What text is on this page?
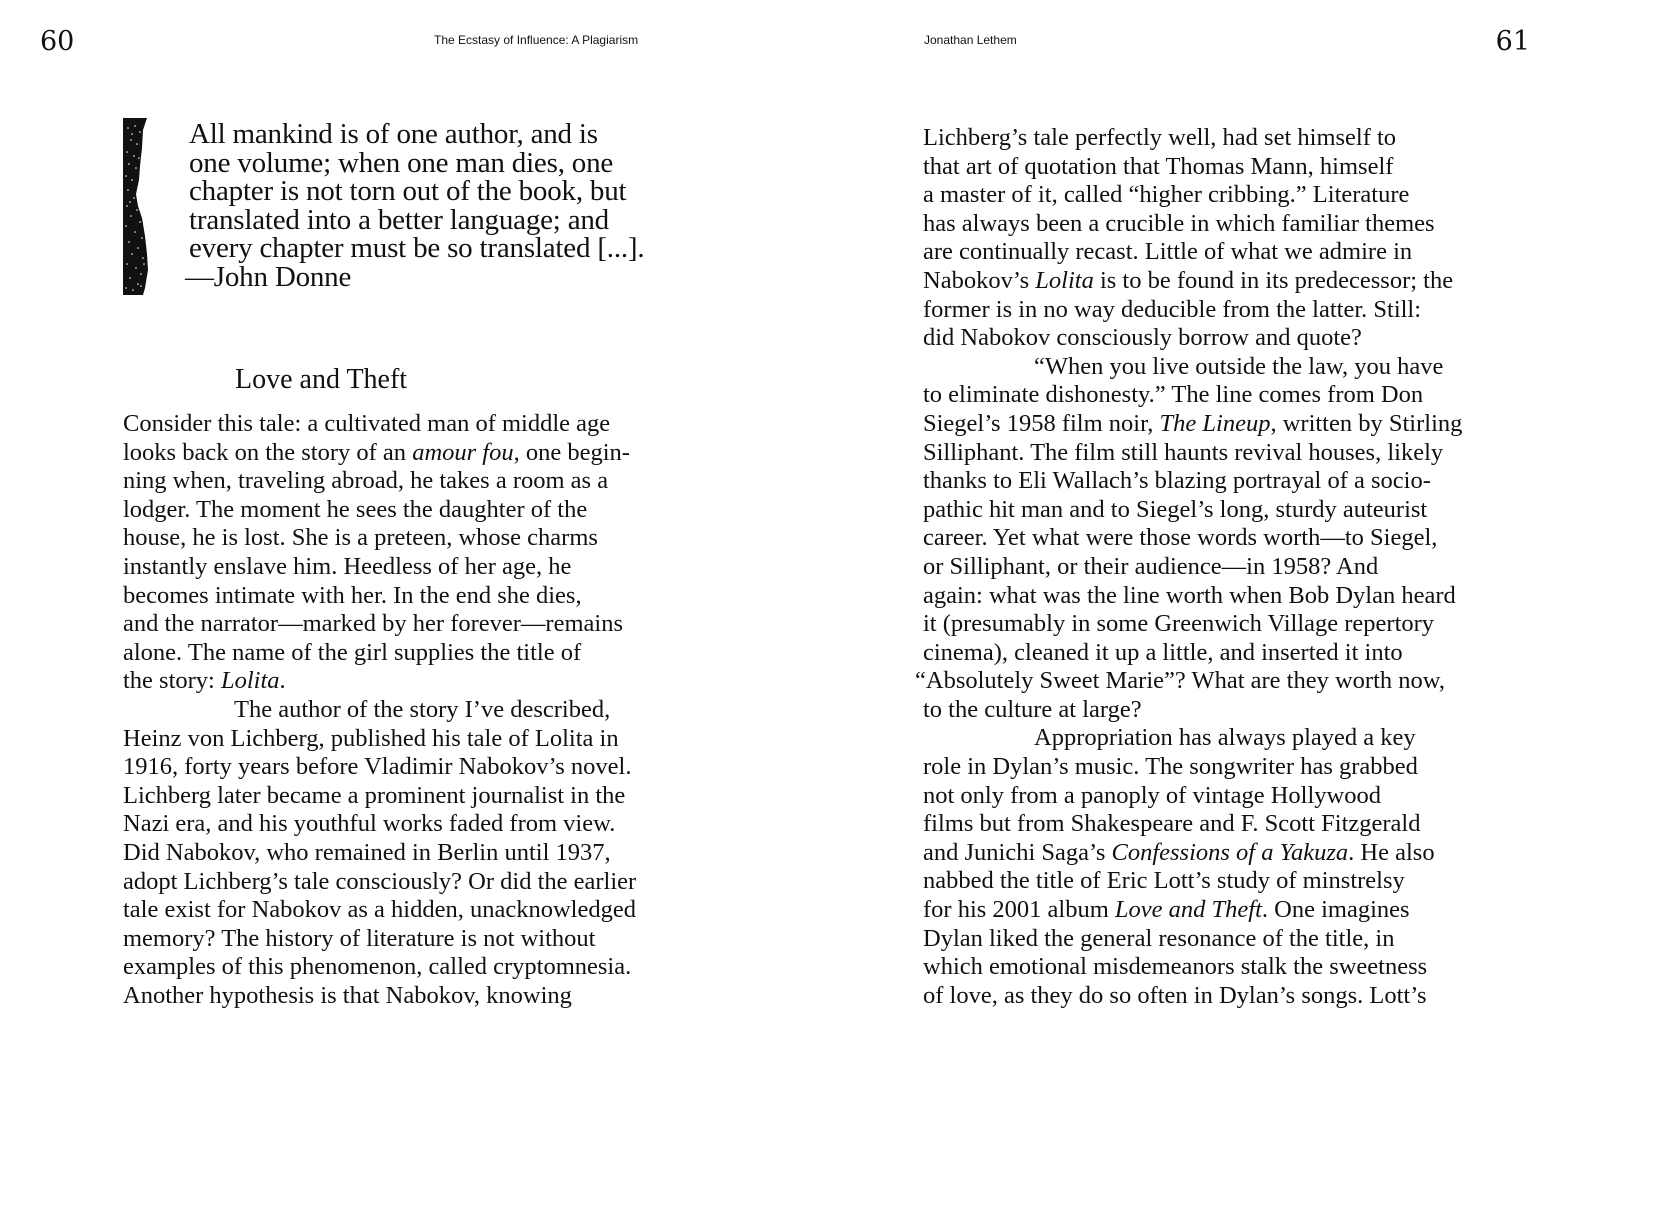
60	The Ecstasy of Influence: A Plagiarism	Jonathan Lethem	61
All mankind is of one author, and is
one volume; when one man dies, one
chapter is not torn out of the book, but
translated into a better language; and
every chapter must be so translated [...].
—John Donne
Love and Theft
Consider this tale: a cultivated man of middle age
looks back on the story of an amour fou, one begin-
ning when, traveling abroad, he takes a room as a
lodger. The moment he sees the daughter of the
house, he is lost. She is a preteen, whose charms
instantly enslave him. Heedless of her age, he
becomes intimate with her. In the end she dies,
and the narrator—marked by her forever—remains
alone. The name of the girl supplies the title of
the story: Lolita.
The author of the story I’ve described,
Heinz von Lichberg, published his tale of Lolita in
1916, forty years before Vladimir Nabokov’s novel.
Lichberg later became a prominent journalist in the
Nazi era, and his youthful works faded from view.
Did Nabokov, who remained in Berlin until 1937,
adopt Lichberg’s tale consciously? Or did the earlier
tale exist for Nabokov as a hidden, unacknowledged
memory? The history of literature is not without
examples of this phenomenon, called cryptomnesia.
Another hypothesis is that Nabokov, knowing
Lichberg’s tale perfectly well, had set himself to
that art of quotation that Thomas Mann, himself
a master of it, called “higher cribbing.” Literature
has always been a crucible in which familiar themes
are continually recast. Little of what we admire in
Nabokov’s Lolita is to be found in its predecessor; the
former is in no way deducible from the latter. Still:
did Nabokov consciously borrow and quote?
“When you live outside the law, you have
to eliminate dishonesty.” The line comes from Don
Siegel’s 1958 film noir, The Lineup, written by Stirling
Silliphant. The film still haunts revival houses, likely
thanks to Eli Wallach’s blazing portrayal of a socio-
pathic hit man and to Siegel’s long, sturdy auteurist
career. Yet what were those words worth—to Siegel,
or Silliphant, or their audience—in 1958? And
again: what was the line worth when Bob Dylan heard
it (presumably in some Greenwich Village repertory
cinema), cleaned it up a little, and inserted it into
“Absolutely Sweet Marie”? What are they worth now,
to the culture at large?
Appropriation has always played a key
role in Dylan’s music. The songwriter has grabbed
not only from a panoply of vintage Hollywood
films but from Shakespeare and F. Scott Fitzgerald
and Junichi Saga’s Confessions of a Yakuza. He also
nabbed the title of Eric Lott’s study of minstrelsy
for his 2001 album Love and Theft. One imagines
Dylan liked the general resonance of the title, in
which emotional misdemeanors stalk the sweetness
of love, as they do so often in Dylan’s songs. Lott’s
